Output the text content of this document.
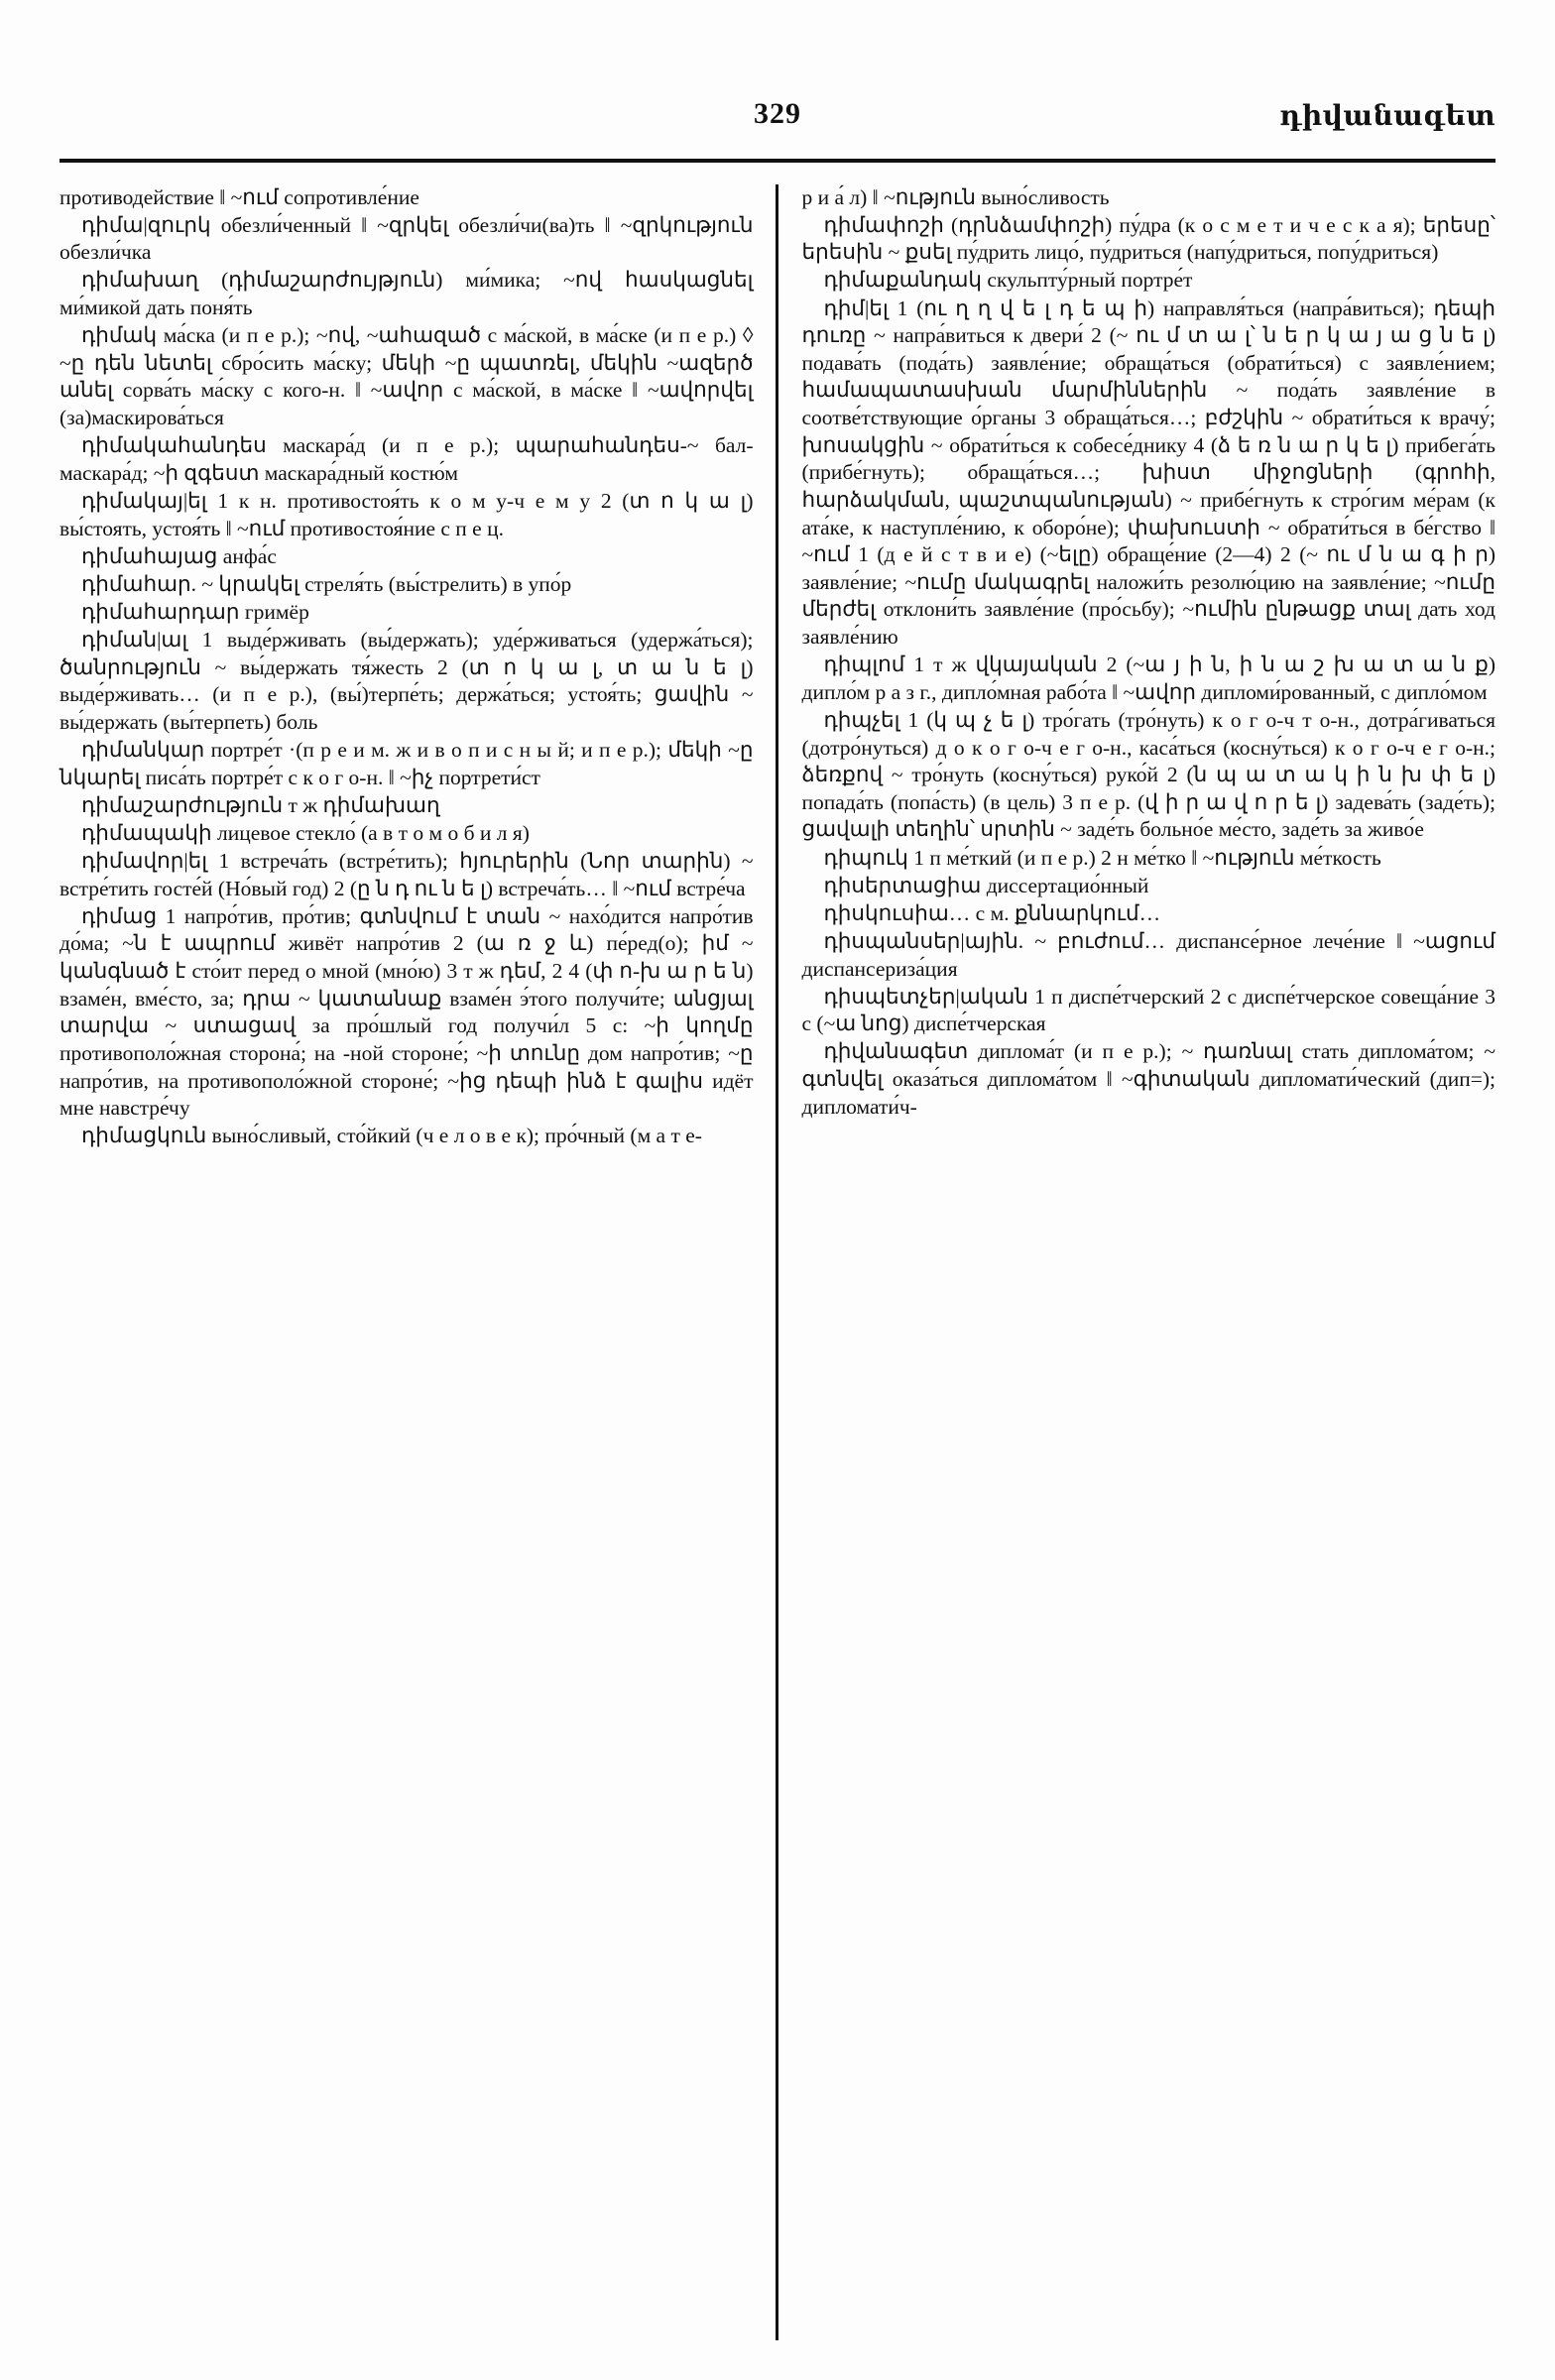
329	դիվանագետ

противодействие ‖ ~ում сопротивле́ние

դիմա|զուրկ обезли́ченный ‖ ~զրկել обезли́чи(ва)ть ‖ ~զրկություն обезли́чка

դիմախաղ (դիմաշարժույթյուն) ми́мика; ~ով հասկացնել ми́микой дать поня́ть

դիմակ ма́ска (и п е р.); ~ով, ~ահազած с ма́ской, в ма́ске (и п е р.) ◊ ~ը դեն նետել сбро́сить ма́ску; մեկի ~ը պատռել, մեկին ~ազերծ անել сорва́ть ма́ску с кого-н. ‖ ~ավոր с ма́ской, в ма́ске ‖ ~ավորվել (за)маскирова́ться

դիմակահանդես маскара́д (и п е р.); պարահանդես-~ бал-маскара́д; ~ի զգեստ маскара́дный костю́м

դիմակայ|ել 1 к н. противостоя́ть к о м у-ч е м у 2 (տ ո կ ա լ) вы́стоять, устоя́ть ‖ ~ում противостоя́ние с п е ц.

դիմահայաց анфа́с

դիմահար. ~ կրակել стреля́ть (вы́стрелить) в упо́р

դիմահարդար гримёр

դիման|ալ 1 выде́рживать (вы́держать); уде́рживаться (удержа́ться); ծանրություն ~ вы́держать тя́жесть 2 (տ ո կ ա լ, տ ա ն ե լ) выде́рживать… (и п е р.), (вы́)терпе́ть; держа́ться; устоя́ть; ցավին ~ вы́держать (вы́терпеть) боль

դիմանկար портре́т ·(п р е и м. ж и в о п и с н ы й; и п е р.); մեկի ~ը նկարել писа́ть портре́т с к о г о-н. ‖ ~իչ портрети́ст

դիմաշարժություն т ж դիմախաղ

դիմապակի лицевое стекло́ (а в т о м о б и л я)

դիմավոր|ել 1 встреча́ть (встре́тить); հյուրերին (Նոր տարին) ~ встре́тить госте́й (Но́вый год) 2 (ը ն դ ու ն ե լ) встреча́ть… ‖ ~ում встре́ча

դիմաց 1 напро́тив, про́тив; գտնվում է տան ~ нахо́дится напро́тив до́ма; ~ն է ապրում живёт напро́тив 2 (ա ռ ջ և) пе́ред(о); իմ ~ կանգնած է сто́ит перед о мной (мно́ю) 3 т ж դեմ, 2 4 (փ ո-խ ա ր ե ն) взаме́н, вме́сто, за; դրա ~ կատանաք взаме́н э́того получи́те; անցյալ տարվա ~ ստացավ за про́шлый год получи́л 5 с: ~ի կողմը противополо́жная сторона́; на -ной стороне́; ~ի տունը дом напро́тив; ~ը напро́тив, на противополо́жной стороне́; ~ից դեպի ինձ է գալիս идёт мне навстре́чу

դիմացկուն выно́сливый, сто́йкий (ч е л о в е к); про́чный (м а т е-

р и а́ л) ‖ ~ություն выно́сливость

դիմափոշի (դրնձամփոշի) пу́дра (к о с м е т и ч е с к а я); երեսը՝ երեսին ~ քսել пу́дрить лицо́, пу́дриться (напу́дриться, попу́дриться)

դիմաքանդակ скульпту́рный портре́т

դիմ|ել 1 (ու ղ ղ վ ե լ դ ե պ ի) направля́ться (напра́виться); դեպի դուռը ~ напра́виться к двери́ 2 (~ ու մ տ ա լ՝ ն ե ր կ ա յ ա ց ն ե լ) подава́ть (пода́ть) заявле́ние; обраща́ться (обрати́ться) с заявле́нием; համապատասխան մարմիններին ~ пода́ть заявле́ние в соотве́тствующие о́рганы 3 обраща́ться…; բժշկին ~ обрати́ться к врачу́; խոսակցին ~ обрати́ться к собесе́днику 4 (ձ ե ռ ն ա ր կ ե լ) прибега́ть (прибе́гнуть); обраща́ться…; խիստ միջոցների (գրոհի, հարձակման, պաշտպանության) ~ прибе́гнуть к стро́гим ме́рам (к ата́ке, к наступле́нию, к оборо́не); փախուստի ~ обрати́ться в бе́гство ‖ ~ում 1 (д е й с т в и е) (~ելը) обраще́ние (2—4) 2 (~ ու մ ն ա գ ի ր) заявле́ние; ~ումը մակագրել наложи́ть резолю́цию на заявле́ние; ~ումը մերժել отклони́ть заявле́ние (про́сьбу); ~ումին ընթացք տալ дать ход заявле́нию

դիպլոմ 1 т ж վկայական 2 (~ա յ ի ն, ի ն ա շ խ ա տ ա ն ք) дипло́м р а з г., дипло́мная рабо́та ‖ ~ավոր дипломи́рованный, с дипло́мом

դիպչել 1 (կ պ չ ե լ) тро́гать (тро́нуть) к о г о-ч т о-н., дотра́гиваться (дотро́нуться) д о к о г о-ч е г о-н., каса́ться (косну́ться) к о г о-ч е г о-н.; ձեռքով ~ тро́нуть (косну́ться) руко́й 2 (ն պ ա տ ա կ ի ն խ փ ե լ) попада́ть (попа́сть) (в цель) 3 п е р. (վ ի ր ա վ ո ր ե լ) задева́ть (заде́ть); ցավալի տեղին՝ սրտին ~ заде́ть больно́е ме́сто, заде́ть за живо́е

դիպուկ 1 п ме́ткий (и п е р.) 2 н ме́тко ‖ ~ություն ме́ткость

դիսերտացիա диссертацио́нный

դիսկուսիա… с м. քննարկում…

դիսպանսեր|ային. ~ բուժում… диспансе́рное лече́ние ‖ ~ացում диспансериза́ция

դիսպետչեր|ական 1 п диспе́тчерский 2 с диспе́тчерское совеща́ние 3 с (~ա նոց) диспе́тчерская

դիվանագետ диплома́т (и п е р.); ~ դառնալ стать диплома́том; ~ գտնվել оказа́ться диплома́том ‖ ~գիտական дипломати́ческий (дип=); дипломати́ч-
